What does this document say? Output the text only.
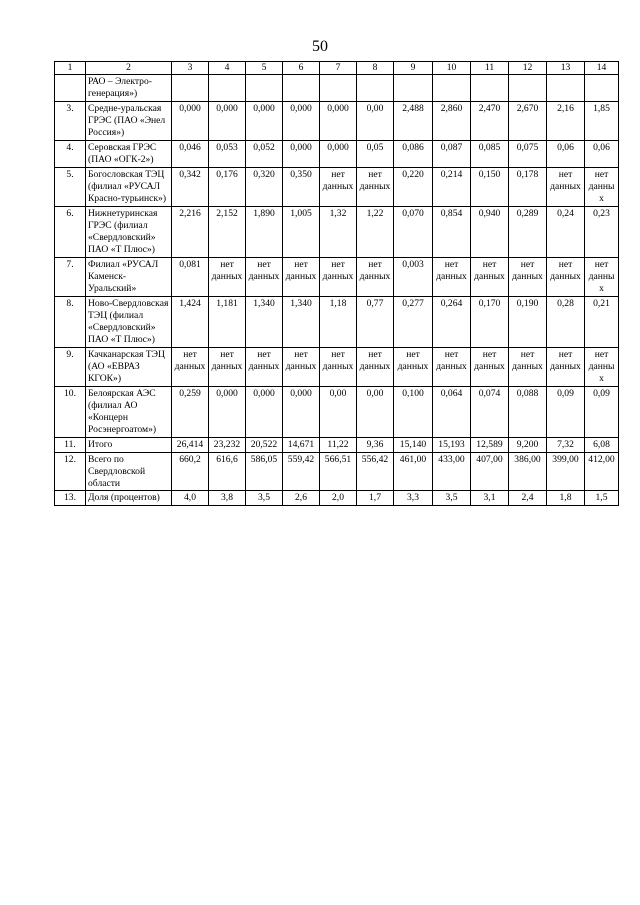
50
1	2	3	4	5	6	7	8	9	10	11	12	13	14
	РАО – Электро-генерация»)												
3.	Средне-уральская ГРЭС (ПАО «Энел Россия»)	0,000	0,000	0,000	0,000	0,000	0,00	2,488	2,860	2,470	2,670	2,16	1,85
4.	Серовская ГРЭС (ПАО «ОГК-2»)	0,046	0,053	0,052	0,000	0,000	0,05	0,086	0,087	0,085	0,075	0,06	0,06
5.	Богословская ТЭЦ (филиал «РУСАЛ Красно-турьинск»)	0,342	0,176	0,320	0,350	нет данных	нет данных	0,220	0,214	0,150	0,178	нет данных	нет данных
6.	Нижнетуринская ГРЭС (филиал «Свердловский» ПАО «Т Плюс»)	2,216	2,152	1,890	1,005	1,32	1,22	0,070	0,854	0,940	0,289	0,24	0,23
7.	Филиал «РУСАЛ Каменск-Уральский»	0,081	нет данных	нет данных	нет данных	нет данных	нет данных	0,003	нет данных	нет данных	нет данных	нет данных	нет данных
8.	Ново-Свердловская ТЭЦ (филиал «Свердловский» ПАО «Т Плюс»)	1,424	1,181	1,340	1,340	1,18	0,77	0,277	0,264	0,170	0,190	0,28	0,21
9.	Качканарская ТЭЦ (АО «ЕВРАЗ КГОК»)	нет данных	нет данных	нет данных	нет данных	нет данных	нет данных	нет данных	нет данных	нет данных	нет данных	нет данных	нет данных
10.	Белоярская АЭС (филиал АО «Концерн Росэнергоатом»)	0,259	0,000	0,000	0,000	0,00	0,00	0,100	0,064	0,074	0,088	0,09	0,09
11.	Итого	26,414	23,232	20,522	14,671	11,22	9,36	15,140	15,193	12,589	9,200	7,32	6,08
12.	Всего по Свердловской области	660,2	616,6	586,05	559,42	566,51	556,42	461,00	433,00	407,00	386,00	399,00	412,00
13.	Доля (процентов)	4,0	3,8	3,5	2,6	2,0	1,7	3,3	3,5	3,1	2,4	1,8	1,5
